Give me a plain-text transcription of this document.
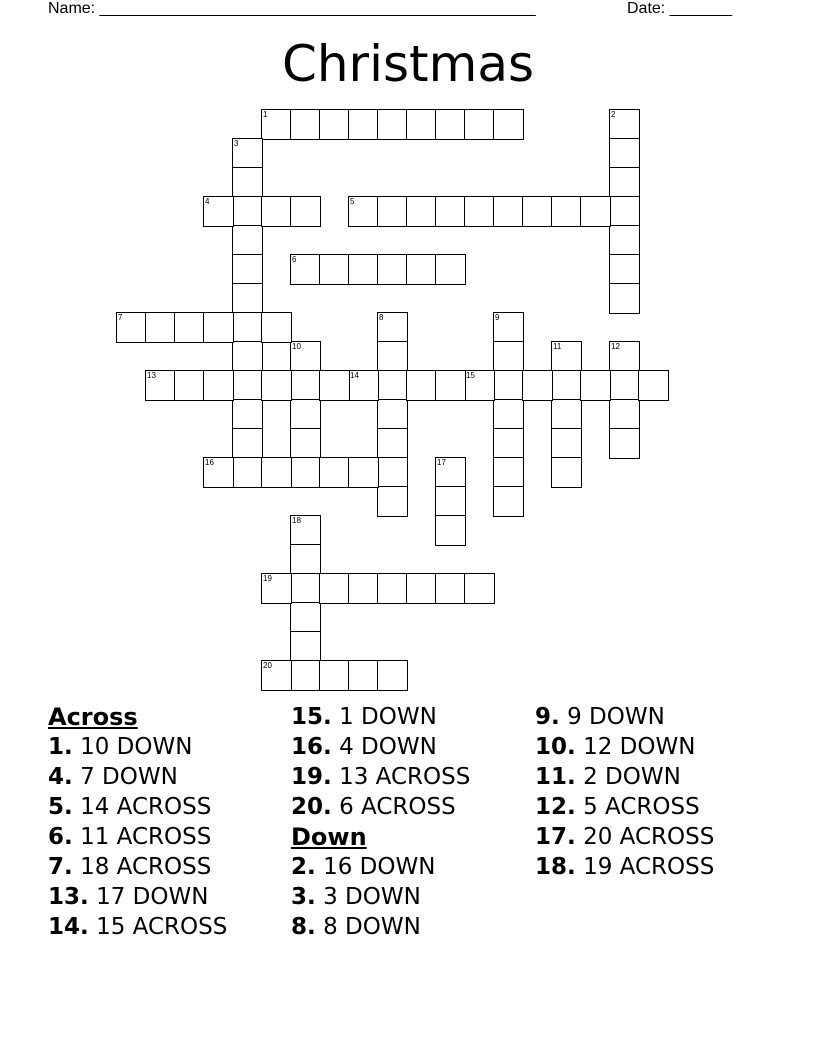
Name: _________________________________________________	Date: _______
Christmas
1	2
3
4	5
6
7	8	9
10	11	12
13	14	15
16	17
18
19
20
Across
1. 10 DOWN
4. 7 DOWN
5. 14 ACROSS
6. 11 ACROSS
7. 18 ACROSS
13. 17 DOWN
14. 15 ACROSS
15. 1 DOWN
16. 4 DOWN
19. 13 ACROSS
20. 6 ACROSS
Down
2. 16 DOWN
3. 3 DOWN
8. 8 DOWN
9. 9 DOWN
10. 12 DOWN
11. 2 DOWN
12. 5 ACROSS
17. 20 ACROSS
18. 19 ACROSS
